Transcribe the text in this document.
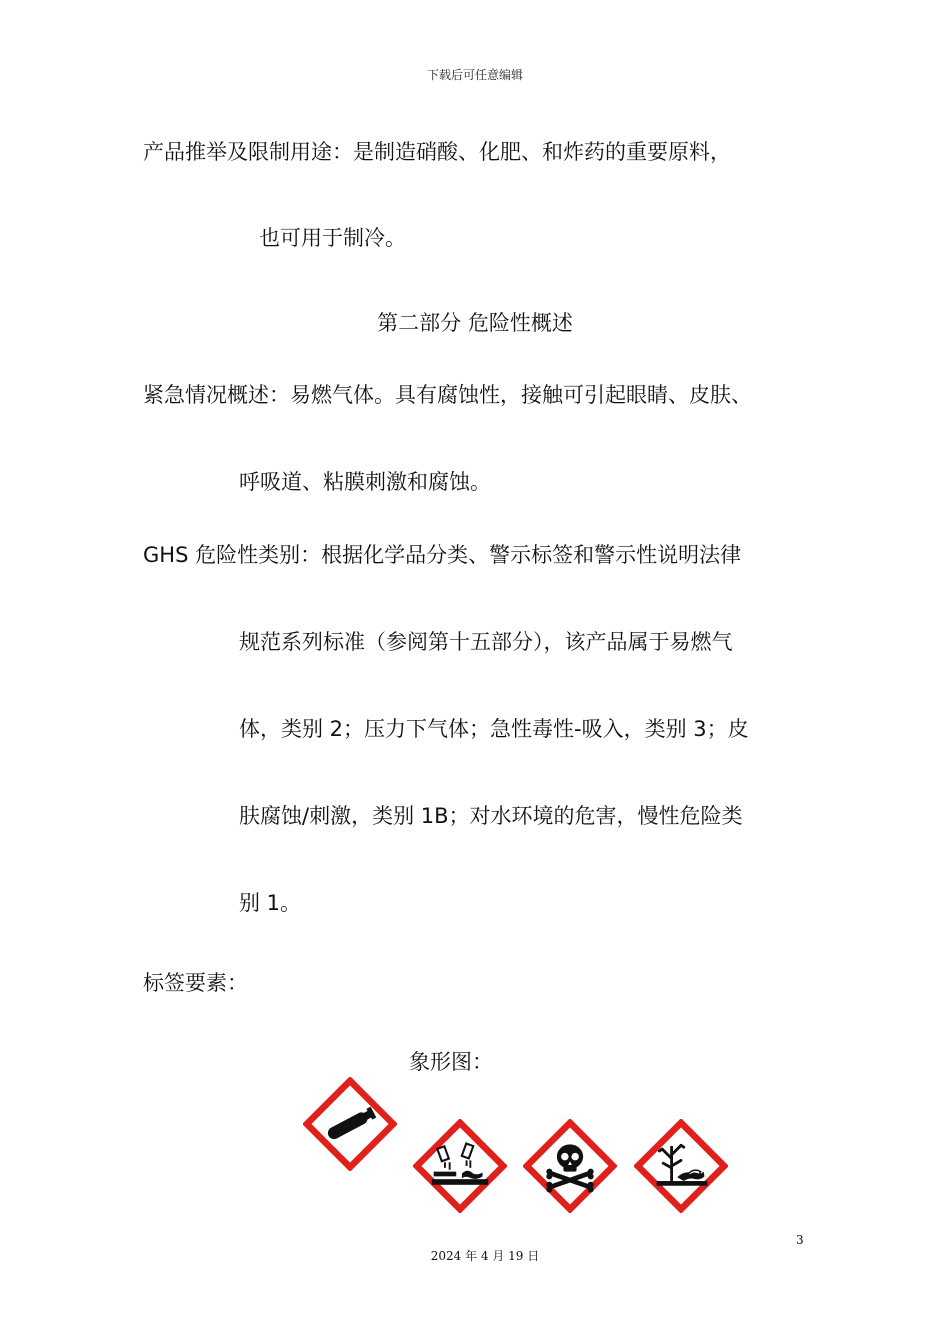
下载后可任意编辑
产品推举及限制用途：是制造硝酸、化肥、和炸药的重要原料，
也可用于制冷。
第二部分 危险性概述
紧急情况概述：易燃气体。具有腐蚀性，接触可引起眼睛、皮肤、
呼吸道、粘膜刺激和腐蚀。
GHS 危险性类别：根据化学品分类、警示标签和警示性说明法律
规范系列标准（参阅第十五部分），该产品属于易燃气
体，类别 2；压力下气体；急性毒性-吸入，类别 3；皮
肤腐蚀/刺激，类别 1B；对水环境的危害，慢性危险类
别 1。
标签要素：
象形图：
3
2024 年 4 月 19 日
